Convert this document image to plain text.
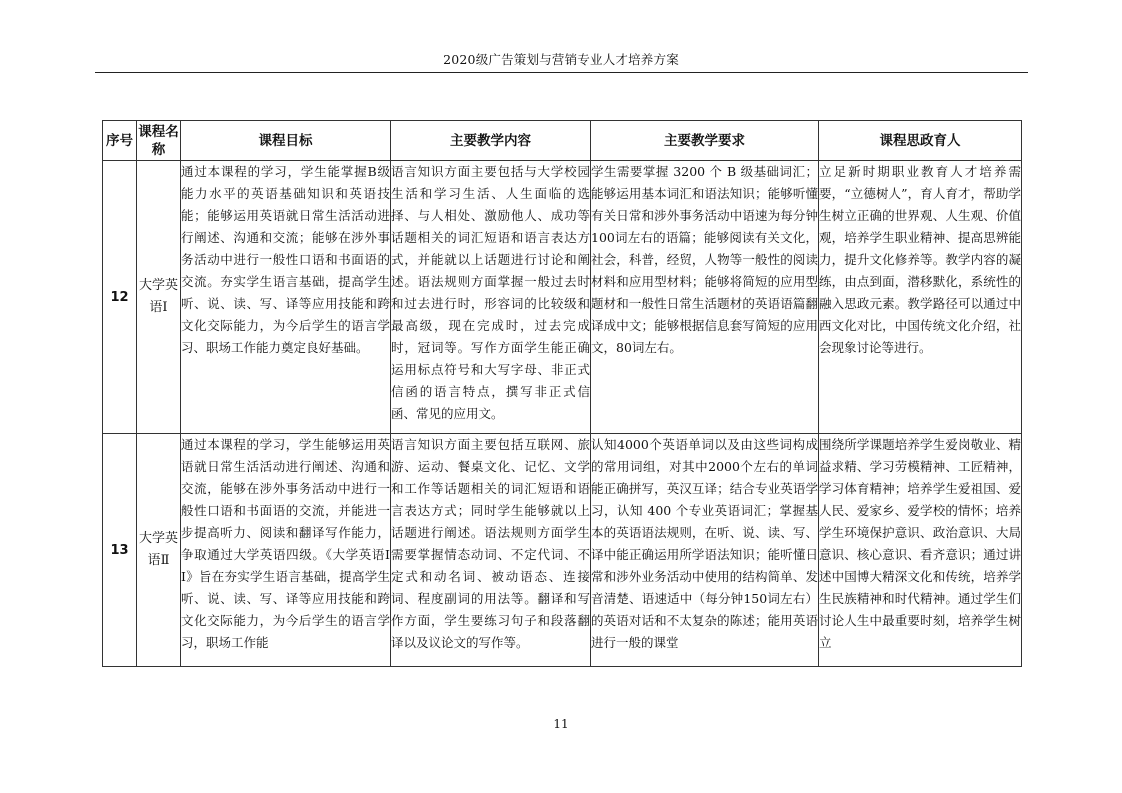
2020级广告策划与营销专业人才培养方案
序号	课程名称	课程目标	主要教学内容	主要教学要求	课程思政育人
12	大学英语Ⅰ	通过本课程的学习，学生能掌握B级能力水平的英语基础知识和英语技能；能够运用英语就日常生活活动进行阐述、沟通和交流；能够在涉外事务活动中进行一般性口语和书面语的交流。夯实学生语言基础，提高学生听、说、读、写、译等应用技能和跨文化交际能力，为今后学生的语言学习、职场工作能力奠定良好基础。	语言知识方面主要包括与大学校园生活和学习生活、人生面临的选择、与人相处、激励他人、成功等话题相关的词汇短语和语言表达方式，并能就以上话题进行讨论和阐述。语法规则方面掌握一般过去时和过去进行时，形容词的比较级和最高级，现在完成时，过去完成时，冠词等。写作方面学生能正确运用标点符号和大写字母、非正式信函的语言特点，撰写非正式信函、常见的应用文。	学生需要掌握 3200 个 B 级基础词汇；能够运用基本词汇和语法知识；能够听懂有关日常和涉外事务活动中语速为每分钟100词左右的语篇；能够阅读有关文化，社会，科普，经贸，人物等一般性的阅读材料和应用型材料；能够将简短的应用型题材和一般性日常生活题材的英语语篇翻译成中文；能够根据信息套写简短的应用文，80词左右。	立足新时期职业教育人才培养需要，“立德树人”，育人育才，帮助学生树立正确的世界观、人生观、价值观，培养学生职业精神、提高思辨能力，提升文化修养等。教学内容的凝练，由点到面，潜移默化，系统性的融入思政元素。教学路径可以通过中西文化对比，中国传统文化介绍，社会现象讨论等进行。
13	大学英语Ⅱ	通过本课程的学习，学生能够运用英语就日常生活活动进行阐述、沟通和交流，能够在涉外事务活动中进行一般性口语和书面语的交流，并能进一步提高听力、阅读和翻译写作能力，争取通过大学英语四级。《大学英语II》旨在夯实学生语言基础，提高学生听、说、读、写、译等应用技能和跨文化交际能力，为今后学生的语言学习，职场工作能	语言知识方面主要包括互联网、旅游、运动、餐桌文化、记忆、文学和工作等话题相关的词汇短语和语言表达方式；同时学生能够就以上话题进行阐述。语法规则方面学生需要掌握情态动词、不定代词、不定式和动名词、被动语态、连接词、程度副词的用法等。翻译和写作方面，学生要练习句子和段落翻译以及议论文的写作等。	认知4000个英语单词以及由这些词构成的常用词组，对其中2000个左右的单词能正确拼写，英汉互译；结合专业英语学习，认知 400 个专业英语词汇；掌握基本的英语语法规则，在听、说、读、写、译中能正确运用所学语法知识；能听懂日常和涉外业务活动中使用的结构简单、发音清楚、语速适中（每分钟150词左右）的英语对话和不太复杂的陈述；能用英语进行一般的课堂	围绕所学课题培养学生爱岗敬业、精益求精、学习劳模精神、工匠精神，学习体育精神；培养学生爱祖国、爱人民、爱家乡、爱学校的情怀；培养学生环境保护意识、政治意识、大局意识、核心意识、看齐意识；通过讲述中国博大精深文化和传统，培养学生民族精神和时代精神。通过学生们讨论人生中最重要时刻，培养学生树立
11
